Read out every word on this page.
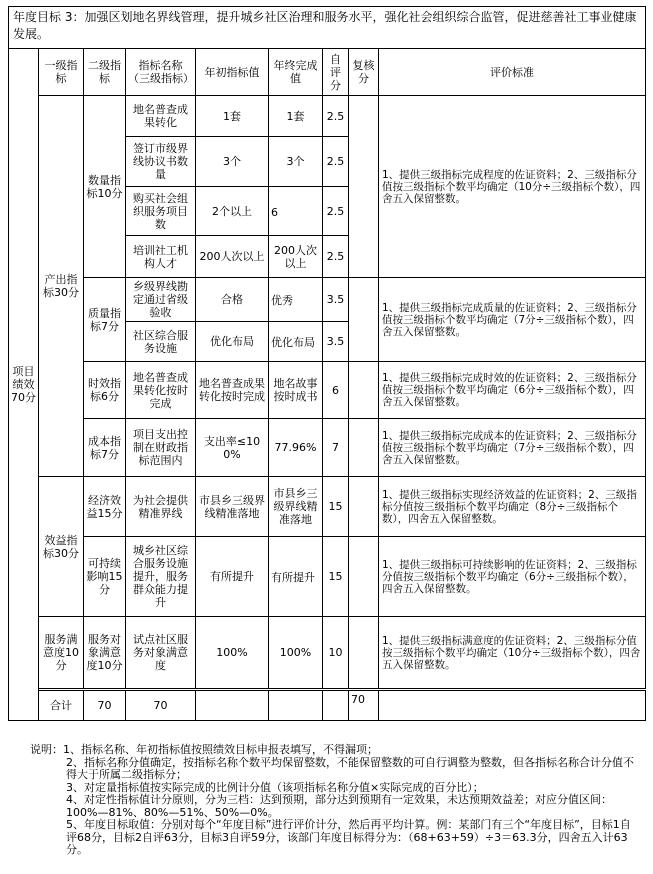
年度目标 3：加强区划地名界线管理，提升城乡社区治理和服务水平，强化社会组织综合监管，促进慈善社工事业健康发展。									
项目绩效70分	一级指标	二级指标	指标名称（三级指标）	年初指标值	年终完成值	自评分	复核分	评价标准	
	产出指标30分	数量指标10分	地名普查成果转化	1套	1套	2.5		1、提供三级指标完成程度的佐证资料；2、三级指标分值按三级指标个数平均确定（10分÷三级指标个数），四舍五入保留整数。	
			签订市级界线协议书数量	3个	3个	2.5			
			购买社会组织服务项目数	2个以上	6	2.5			
			培训社工机构人才	200人次以上	200人次以上	2.5			
		质量指标7分	乡级界线勘定通过省级验收	合格	优秀	3.5		1、提供三级指标完成质量的佐证资料；2、三级指标分值按三级指标个数平均确定（7分÷三级指标个数），四舍五入保留整数。	
			社区综合服务设施	优化布局	优化布局	3.5			
		时效指标6分	地名普查成果转化按时完成	地名普查成果转化按时完成	地名故事按时成书	6		1、提供三级指标完成时效的佐证资料；2、三级指标分值按三级指标个数平均确定（6分÷三级指标个数），四舍五入保留整数。	
		成本指标7分	项目支出控制在财政指标范围内	支出率≤100%	77.96%	7		1、提供三级指标完成成本的佐证资料；2、三级指标分值按三级指标个数平均确定（7分÷三级指标个数），四舍五入保留整数。	
	效益指标30分	经济效益15分	为社会提供精准界线	市县乡三级界线精准落地	市县乡三级界线精准落地	15		1、提供三级指标实现经济效益的佐证资料；2、三级指标分值按三级指标个数平均确定（8分÷三级指标个数），四舍五入保留整数。	
		可持续影响15分	城乡社区综合服务设施提升，服务群众能力提升	有所提升	有所提升	15		1、提供三级指标可持续影响的佐证资料；2、三级指标分值按三级指标个数平均确定（6分÷三级指标个数），四舍五入保留整数。	
	服务满意度10分	服务对象满意度10分	试点社区服务对象满意度	100%	100%	10		1、提供三级指标满意度的佐证资料；2、三级指标分值按三级指标个数平均确定（10分÷三级指标个数），四舍五入保留整数。	

	合计	70	70				70		
说明： 1、指标名称、年初指标值按照绩效目标申报表填写，不得漏项；
2、指标名称分值确定，按指标名称个数平均保留整数，不能保留整数的可自行调整为整数，但各指标名称合计分值不得大于所属二级指标分；
3、对定量指标值按实际完成的比例计分值（该项指标名称分值×实际完成的百分比）；
4、对定性指标值计分原则，分为三档：达到预期，部分达到预期有一定效果，未达预期效益差；对应分值区间：100%—81%、80%—51%、50%—0%。
5、年度目标取值：分别对每个“年度目标”进行评价计分，然后再平均计算。例：某部门有三个“年度目标”，目标1自评68分，目标2自评63分，目标3自评59分，该部门年度目标得分为：（68+63+59）÷3＝63.3分，四舍五入计63分。
